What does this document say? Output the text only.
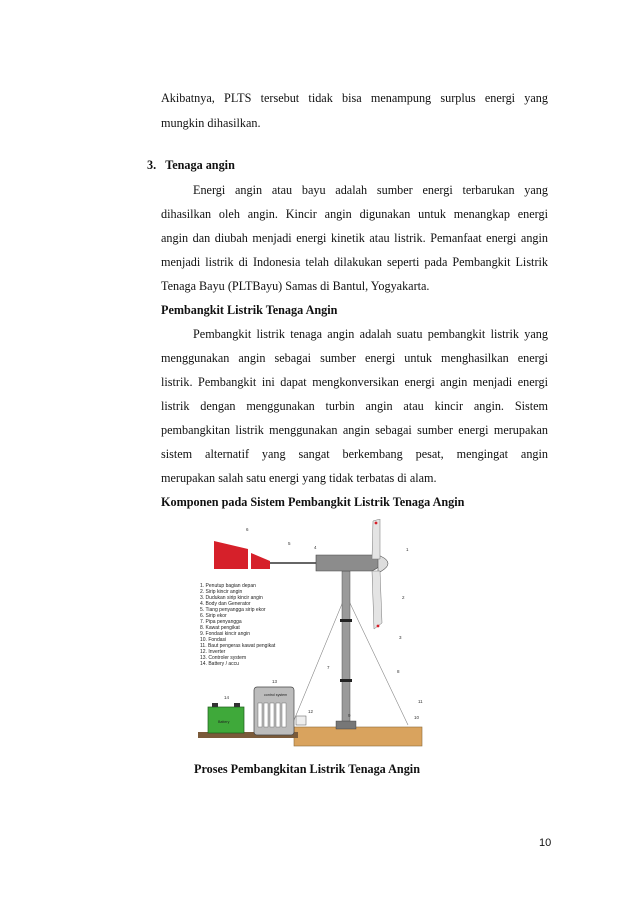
Akibatnya, PLTS tersebut tidak bisa menampung surplus energi yang
mungkin dihasilkan.
3. Tenaga angin
Energi angin atau bayu adalah sumber energi terbarukan yang
dihasilkan oleh angin. Kincir angin digunakan untuk menangkap energi
angin dan diubah menjadi energi kinetik atau listrik. Pemanfaat energi angin
menjadi listrik di Indonesia telah dilakukan seperti pada Pembangkit Listrik
Tenaga Bayu (PLTBayu) Samas di Bantul, Yogyakarta.
Pembangkit Listrik Tenaga Angin
Pembangkit listrik tenaga angin adalah suatu pembangkit listrik yang
menggunakan angin sebagai sumber energi untuk menghasilkan energi
listrik. Pembangkit ini dapat mengkonversikan energi angin menjadi energi
listrik dengan menggunakan turbin angin atau kincir angin. Sistem
pembangkitan listrik menggunakan angin sebagai sumber energi merupakan
sistem alternatif yang sangat berkembang pesat, mengingat angin
merupakan salah satu energi yang tidak terbatas di alam.
Komponen pada Sistem Pembangkit Listrik Tenaga Angin
control system
Battery
1. Penutup bagian depan
2. Sirip kincir angin
3. Dudukan sirip kincir angin
4. Body dan Generator
5. Tiang penyangga sirip ekor
6. Sirip ekor
7. Pipa penyangga
8. Kawat pengikat
9. Fondasi kincir angin
10. Fondasi
11. Baut pengeras kawat pengikat
12. Inverter
13. Controler system
14. Battery / accu
1
2
3
4
5
6
7
8
9	10
11
12
13
14
Proses Pembangkitan Listrik Tenaga Angin
10
